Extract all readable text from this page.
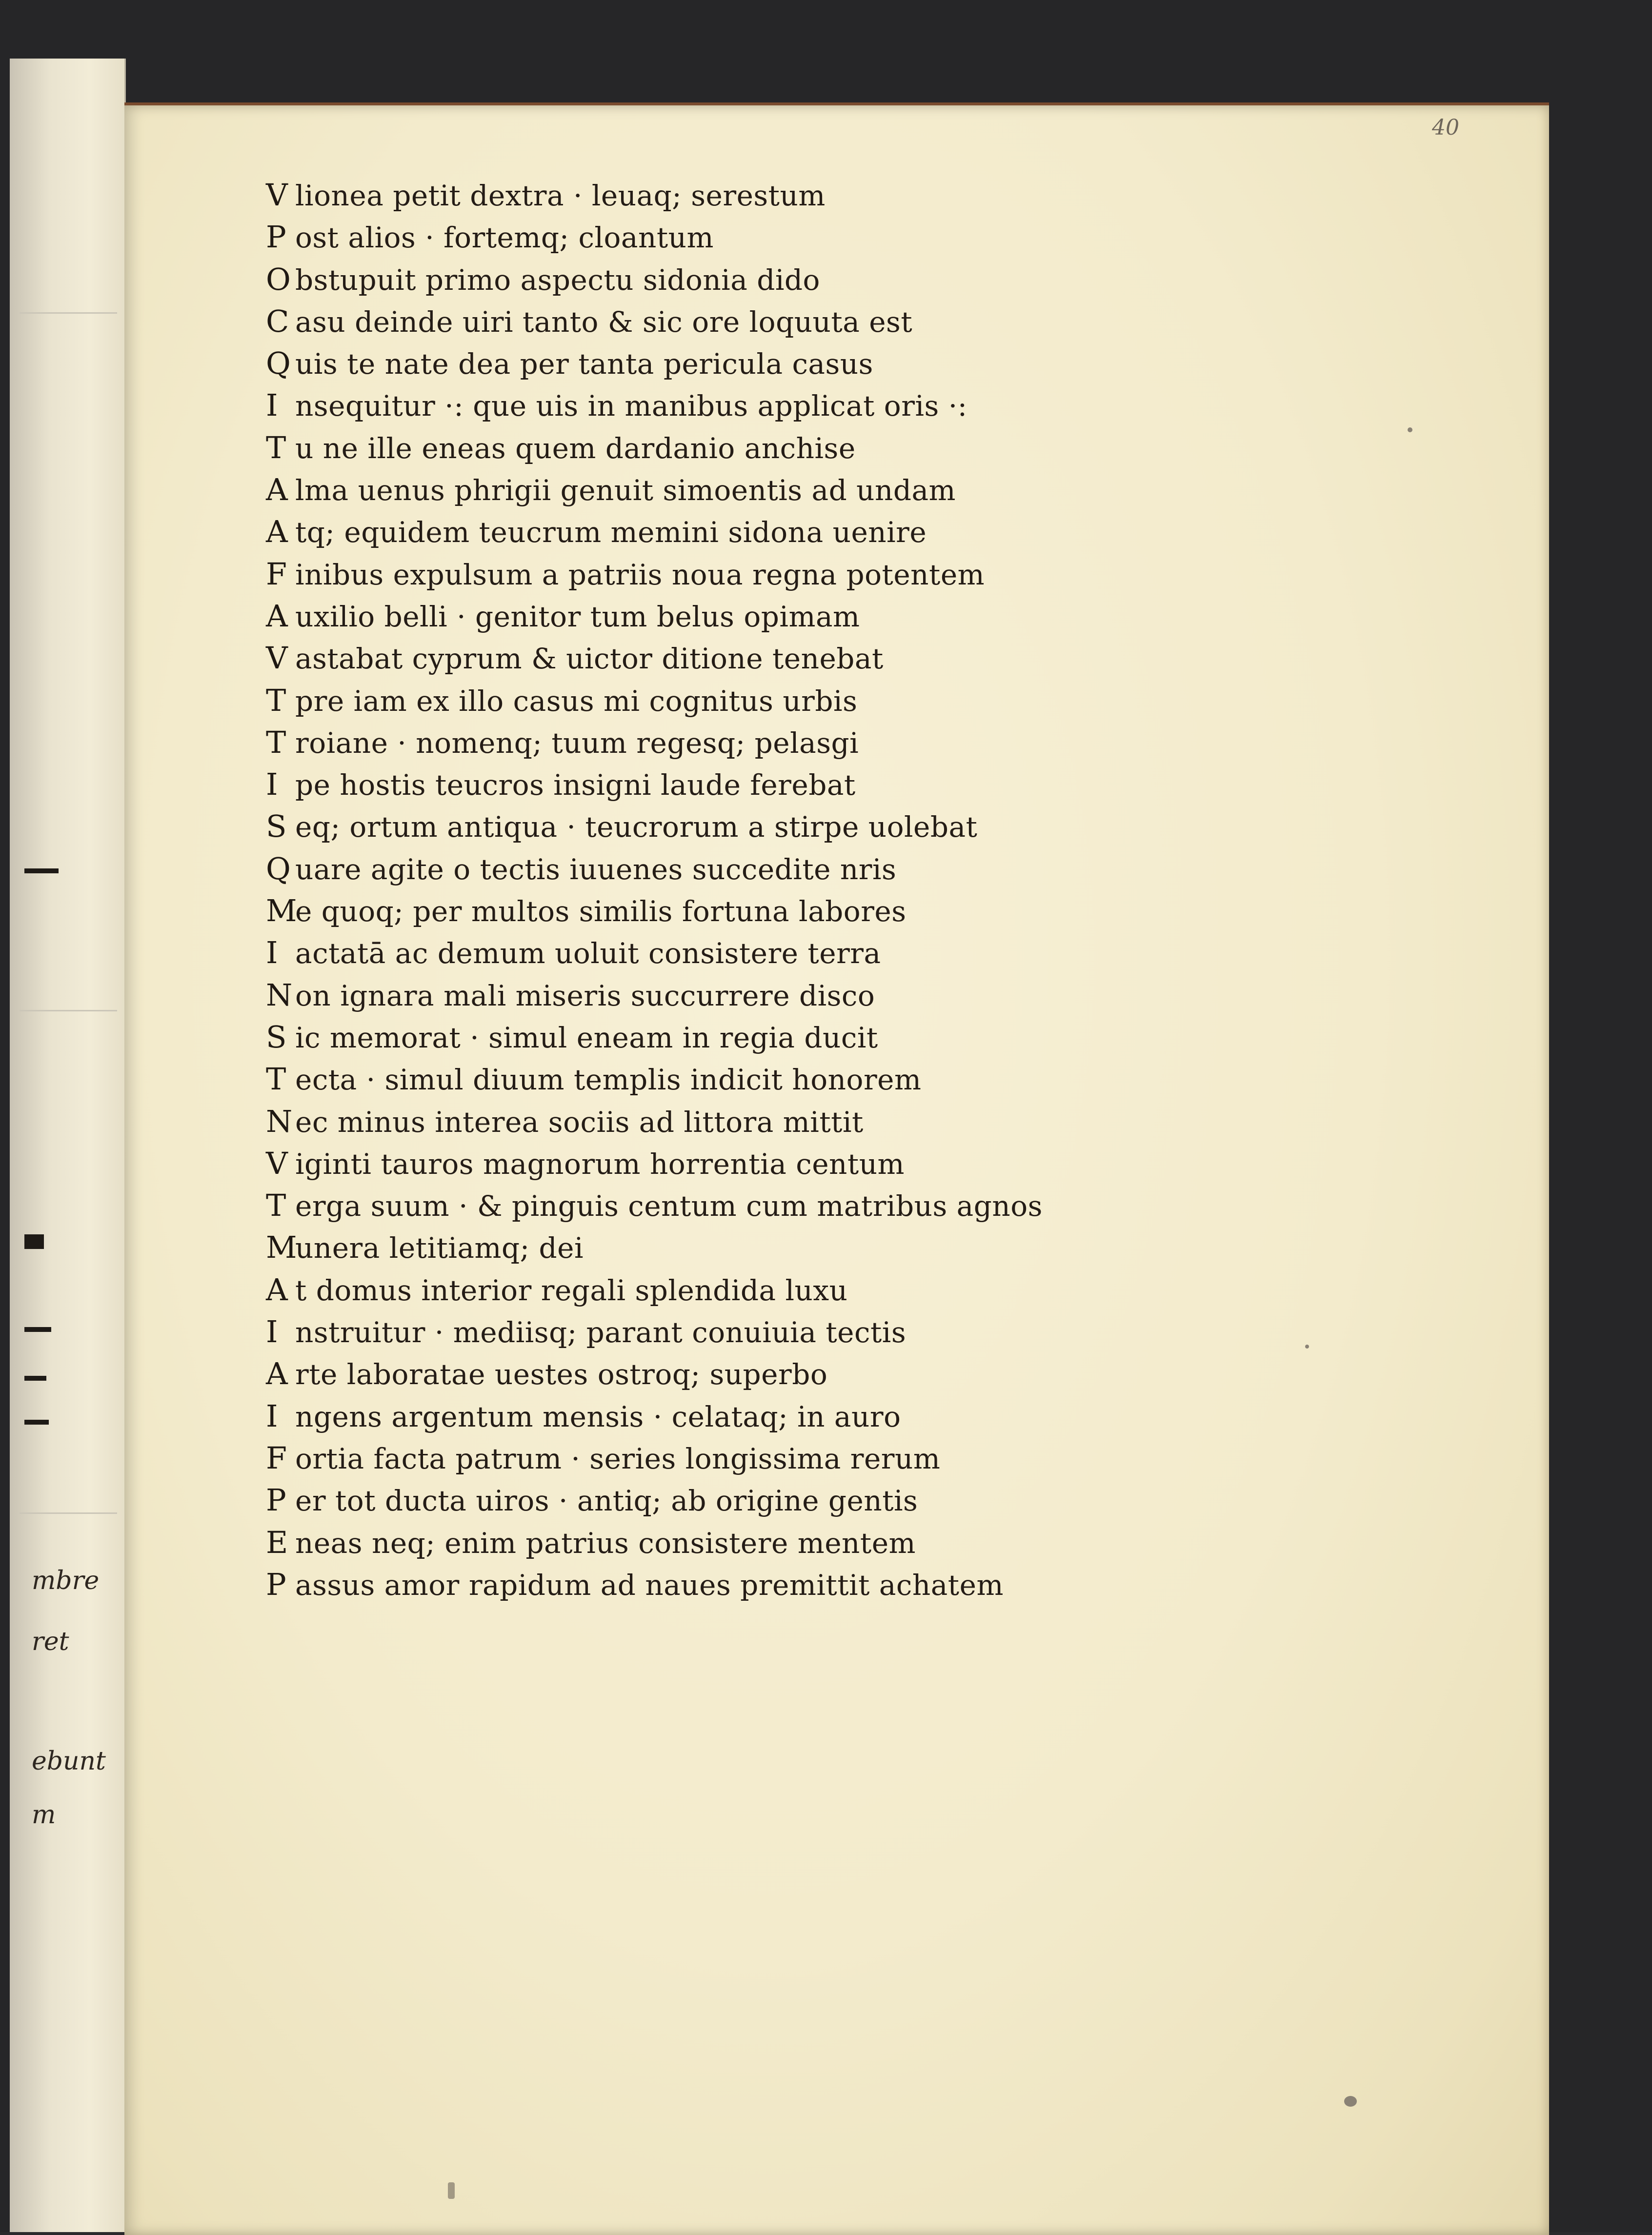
mbre
ret
ebunt
m
40
V lionea petit dextra · leuaq; serestum
P ost alios · fortemq; cloantum
O bstupuit primo aspectu sidonia dido
C asu deinde uiri tanto & sic ore loquuta est
Q uis te nate dea per tanta pericula casus
I nsequitur ·: que uis in manibus applicat oris ·:
T u ne ille eneas quem dardanio anchise
A lma uenus phrigii genuit simoentis ad undam
A tq; equidem teucrum memini sidona uenire
F inibus expulsum a patriis noua regna potentem
A uxilio belli · genitor tum belus opimam
V astabat cyprum & uictor ditione tenebat
T pre iam ex illo casus mi cognitus urbis
T roiane · nomenq; tuum regesq; pelasgi
I pe hostis teucros insigni laude ferebat
S eq; ortum antiqua · teucrorum a stirpe uolebat
Q uare agite o tectis iuuenes succedite nris
Me quoq; per multos similis fortuna labores
I actatā ac demum uoluit consistere terra
Non ignara mali miseris succurrere disco
S ic memorat · simul eneam in regia ducit
T ecta · simul diuum templis indicit honorem
Nec minus interea sociis ad littora mittit
V iginti tauros magnorum horrentia centum
T erga suum · & pinguis centum cum matribus agnos
Munera letitiamq; dei
A t domus interior regali splendida luxu
I nstruitur · mediisq; parant conuiuia tectis
A rte laboratae uestes ostroq; superbo
I ngens argentum mensis · celataq; in auro
F ortia facta patrum · series longissima rerum
P er tot ducta uiros · antiq; ab origine gentis
E neas neq; enim patrius consistere mentem
P assus amor rapidum ad naues premittit achatem
